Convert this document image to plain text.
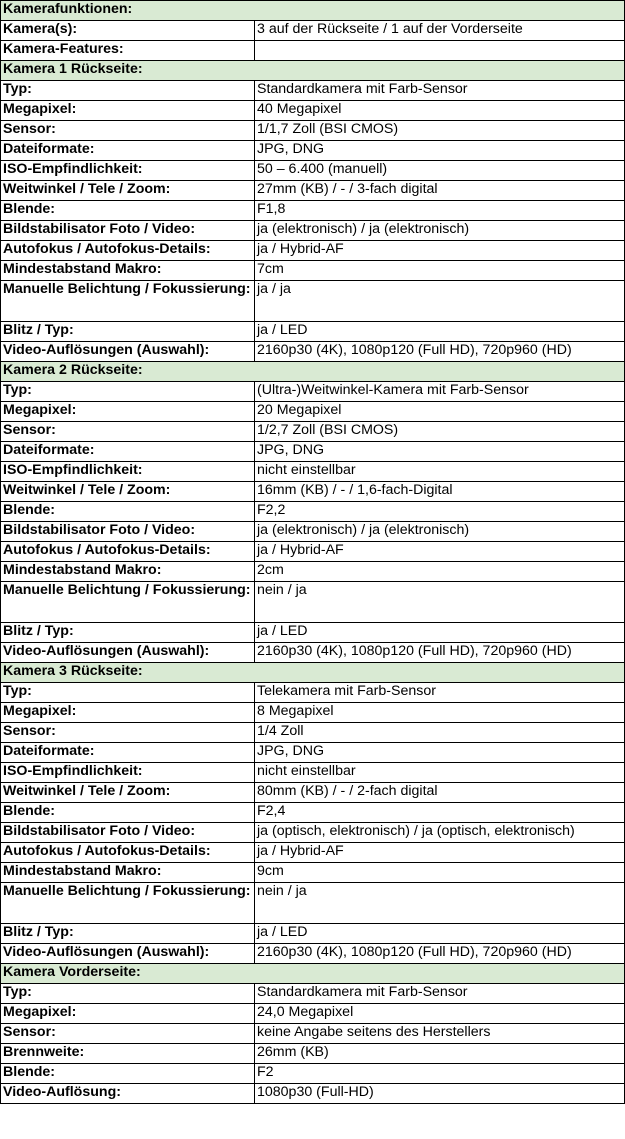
Kamerafunktionen:	
Kamera(s):	3 auf der Rückseite / 1 auf der Vorderseite
Kamera-Features:	
Kamera 1 Rückseite:	
Typ:	Standardkamera mit Farb-Sensor
Megapixel:	40 Megapixel
Sensor:	1/1,7 Zoll (BSI CMOS)
Dateiformate:	JPG, DNG
ISO-Empfindlichkeit:	50 – 6.400 (manuell)
Weitwinkel / Tele / Zoom:	27mm (KB) / - / 3-fach digital
Blende:	F1,8
Bildstabilisator Foto / Video:	ja (elektronisch) / ja (elektronisch)
Autofokus / Autofokus-Details:	ja / Hybrid-AF
Mindestabstand Makro:	7cm
Manuelle Belichtung / Fokussierung:	ja / ja
Blitz / Typ:	ja / LED
Video-Auflösungen (Auswahl):	2160p30 (4K), 1080p120 (Full HD), 720p960 (HD)
Kamera 2 Rückseite:	
Typ:	(Ultra-)Weitwinkel-Kamera mit Farb-Sensor
Megapixel:	20 Megapixel
Sensor:	1/2,7 Zoll (BSI CMOS)
Dateiformate:	JPG, DNG
ISO-Empfindlichkeit:	nicht einstellbar
Weitwinkel / Tele / Zoom:	16mm (KB) / - / 1,6-fach-Digital
Blende:	F2,2
Bildstabilisator Foto / Video:	ja (elektronisch) / ja (elektronisch)
Autofokus / Autofokus-Details:	ja / Hybrid-AF
Mindestabstand Makro:	2cm
Manuelle Belichtung / Fokussierung:	nein / ja
Blitz / Typ:	ja / LED
Video-Auflösungen (Auswahl):	2160p30 (4K), 1080p120 (Full HD), 720p960 (HD)
Kamera 3 Rückseite:	
Typ:	Telekamera mit Farb-Sensor
Megapixel:	8 Megapixel
Sensor:	1/4 Zoll
Dateiformate:	JPG, DNG
ISO-Empfindlichkeit:	nicht einstellbar
Weitwinkel / Tele / Zoom:	80mm (KB) / - / 2-fach digital
Blende:	F2,4
Bildstabilisator Foto / Video:	ja (optisch, elektronisch) / ja (optisch, elektronisch)
Autofokus / Autofokus-Details:	ja / Hybrid-AF
Mindestabstand Makro:	9cm
Manuelle Belichtung / Fokussierung:	nein / ja
Blitz / Typ:	ja / LED
Video-Auflösungen (Auswahl):	2160p30 (4K), 1080p120 (Full HD), 720p960 (HD)
Kamera Vorderseite:	
Typ:	Standardkamera mit Farb-Sensor
Megapixel:	24,0 Megapixel
Sensor:	keine Angabe seitens des Herstellers
Brennweite:	26mm (KB)
Blende:	F2
Video-Auflösung:	1080p30 (Full-HD)
